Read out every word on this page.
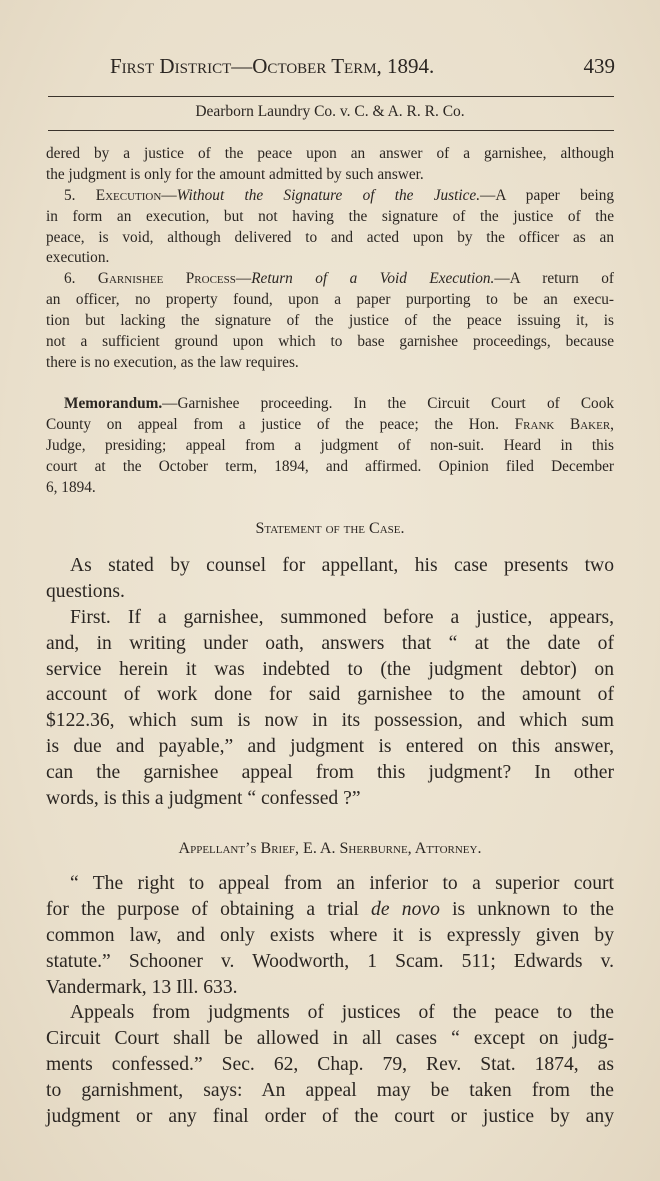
First District—October Term, 1894.	439
Dearborn Laundry Co. v. C. & A. R. R. Co.
dered by a justice of the peace upon an answer of a garnishee, although
the judgment is only for the amount admitted by such answer.
5. Execution—Without the Signature of the Justice.—A paper being
in form an execution, but not having the signature of the justice of the
peace, is void, although delivered to and acted upon by the officer as an
execution.
6. Garnishee Process—Return of a Void Execution.—A return of
an officer, no property found, upon a paper purporting to be an execu-
tion but lacking the signature of the justice of the peace issuing it, is
not a sufficient ground upon which to base garnishee proceedings, because
there is no execution, as the law requires.
Memorandum.—Garnishee proceeding. In the Circuit Court of Cook
County on appeal from a justice of the peace; the Hon. Frank Baker,
Judge, presiding; appeal from a judgment of non-suit. Heard in this
court at the October term, 1894, and affirmed. Opinion filed December
6, 1894.
Statement of the Case.
As stated by counsel for appellant, his case presents two
questions.
First. If a garnishee, summoned before a justice, appears,
and, in writing under oath, answers that “ at the date of
service herein it was indebted to (the judgment debtor) on
account of work done for said garnishee to the amount of
$122.36, which sum is now in its possession, and which sum
is due and payable,” and judgment is entered on this answer,
can the garnishee appeal from this judgment? In other
words, is this a judgment “ confessed ?”
Appellant’s Brief, E. A. Sherburne, Attorney.
“ The right to appeal from an inferior to a superior court
for the purpose of obtaining a trial de novo is unknown to the
common law, and only exists where it is expressly given by
statute.” Schooner v. Woodworth, 1 Scam. 511; Edwards v.
Vandermark, 13 Ill. 633.
Appeals from judgments of justices of the peace to the
Circuit Court shall be allowed in all cases “ except on judg-
ments confessed.” Sec. 62, Chap. 79, Rev. Stat. 1874, as
to garnishment, says: An appeal may be taken from the
judgment or any final order of the court or justice by any
